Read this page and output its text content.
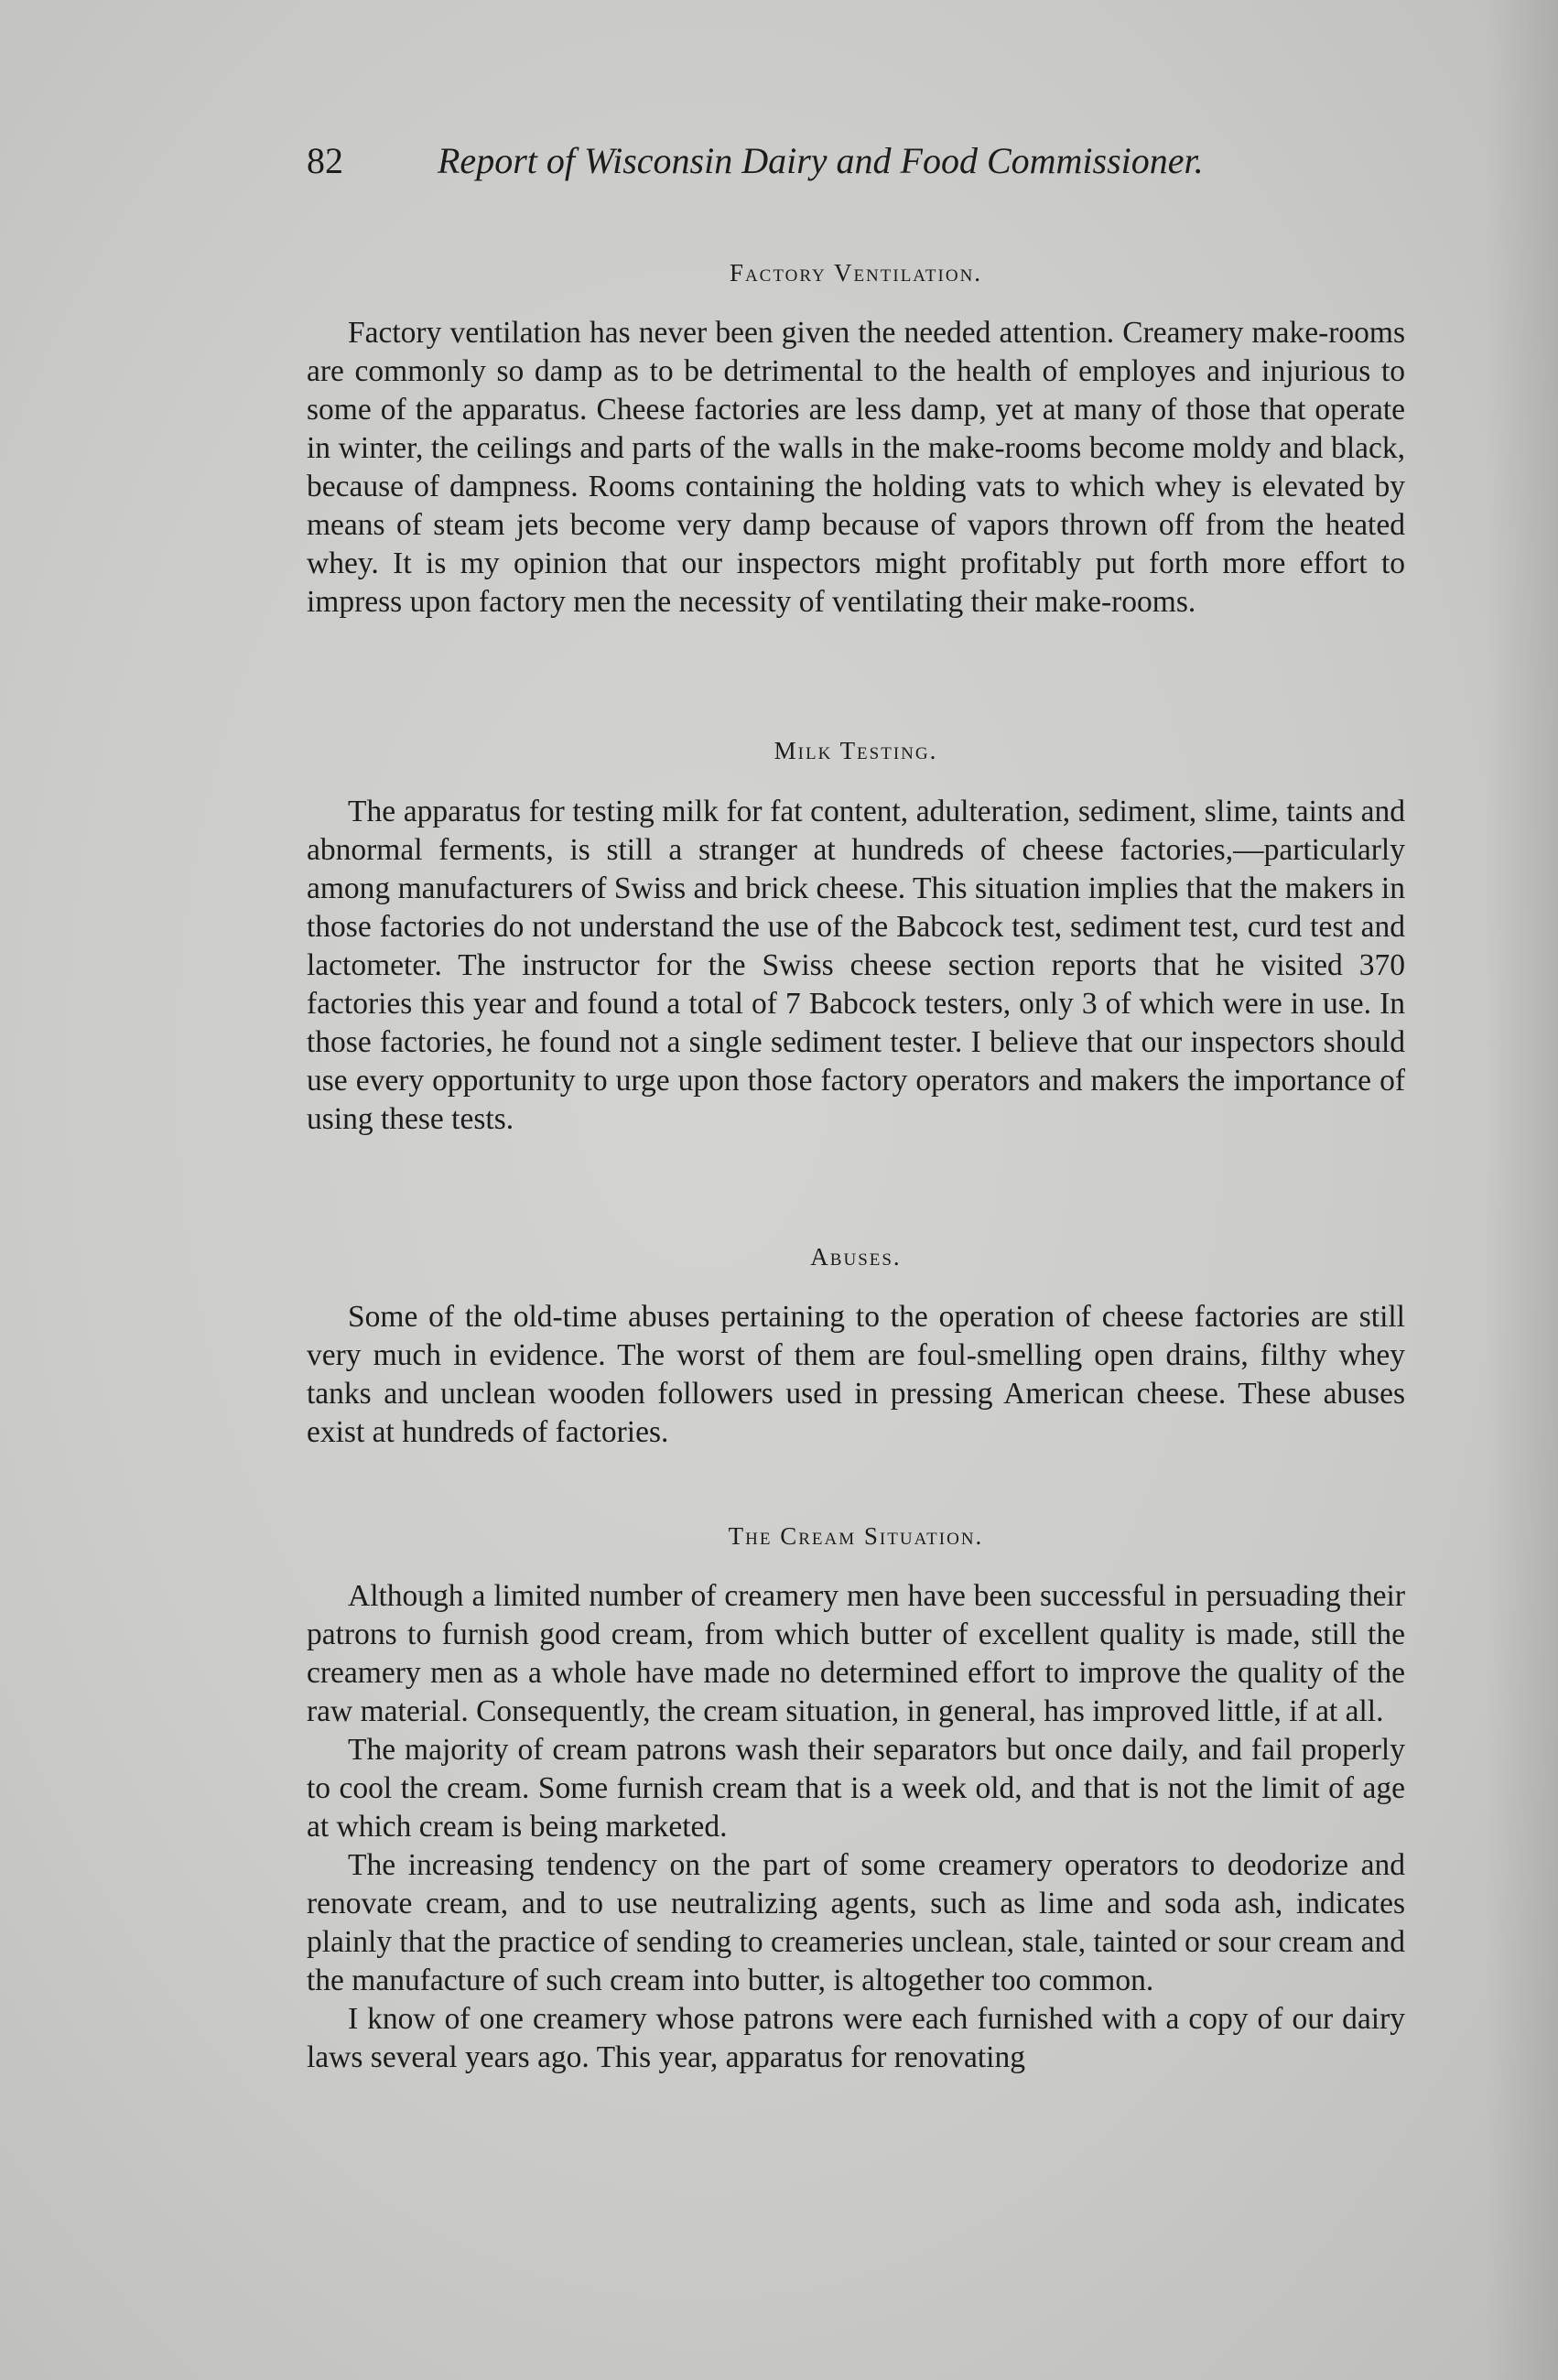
82	Report of Wisconsin Dairy and Food Commissioner.
Factory Ventilation.

Factory ventilation has never been given the needed attention. Creamery make-rooms are commonly so damp as to be detrimental to the health of employes and injurious to some of the apparatus. Cheese factories are less damp, yet at many of those that operate in winter, the ceilings and parts of the walls in the make-rooms become moldy and black, because of dampness. Rooms containing the holding vats to which whey is elevated by means of steam jets become very damp because of vapors thrown off from the heated whey. It is my opinion that our inspectors might profitably put forth more effort to impress upon factory men the necessity of ventilating their make-rooms.

Milk Testing.

The apparatus for testing milk for fat content, adulteration, sediment, slime, taints and abnormal ferments, is still a stranger at hundreds of cheese factories,—particularly among manufacturers of Swiss and brick cheese. This situation implies that the makers in those factories do not understand the use of the Babcock test, sediment test, curd test and lactometer. The instructor for the Swiss cheese section reports that he visited 370 factories this year and found a total of 7 Babcock testers, only 3 of which were in use. In those factories, he found not a single sediment tester. I believe that our inspectors should use every opportunity to urge upon those factory operators and makers the importance of using these tests.

Abuses.

Some of the old-time abuses pertaining to the operation of cheese factories are still very much in evidence. The worst of them are foul-smelling open drains, filthy whey tanks and unclean wooden followers used in pressing American cheese. These abuses exist at hundreds of factories.

The Cream Situation.

Although a limited number of creamery men have been successful in persuading their patrons to furnish good cream, from which butter of excellent quality is made, still the creamery men as a whole have made no determined effort to improve the quality of the raw material. Consequently, the cream situation, in general, has improved little, if at all.

The majority of cream patrons wash their separators but once daily, and fail properly to cool the cream. Some furnish cream that is a week old, and that is not the limit of age at which cream is being marketed.

The increasing tendency on the part of some creamery operators to deodorize and renovate cream, and to use neutralizing agents, such as lime and soda ash, indicates plainly that the practice of sending to creameries unclean, stale, tainted or sour cream and the manufacture of such cream into butter, is altogether too common.

I know of one creamery whose patrons were each furnished with a copy of our dairy laws several years ago. This year, apparatus for renovating
